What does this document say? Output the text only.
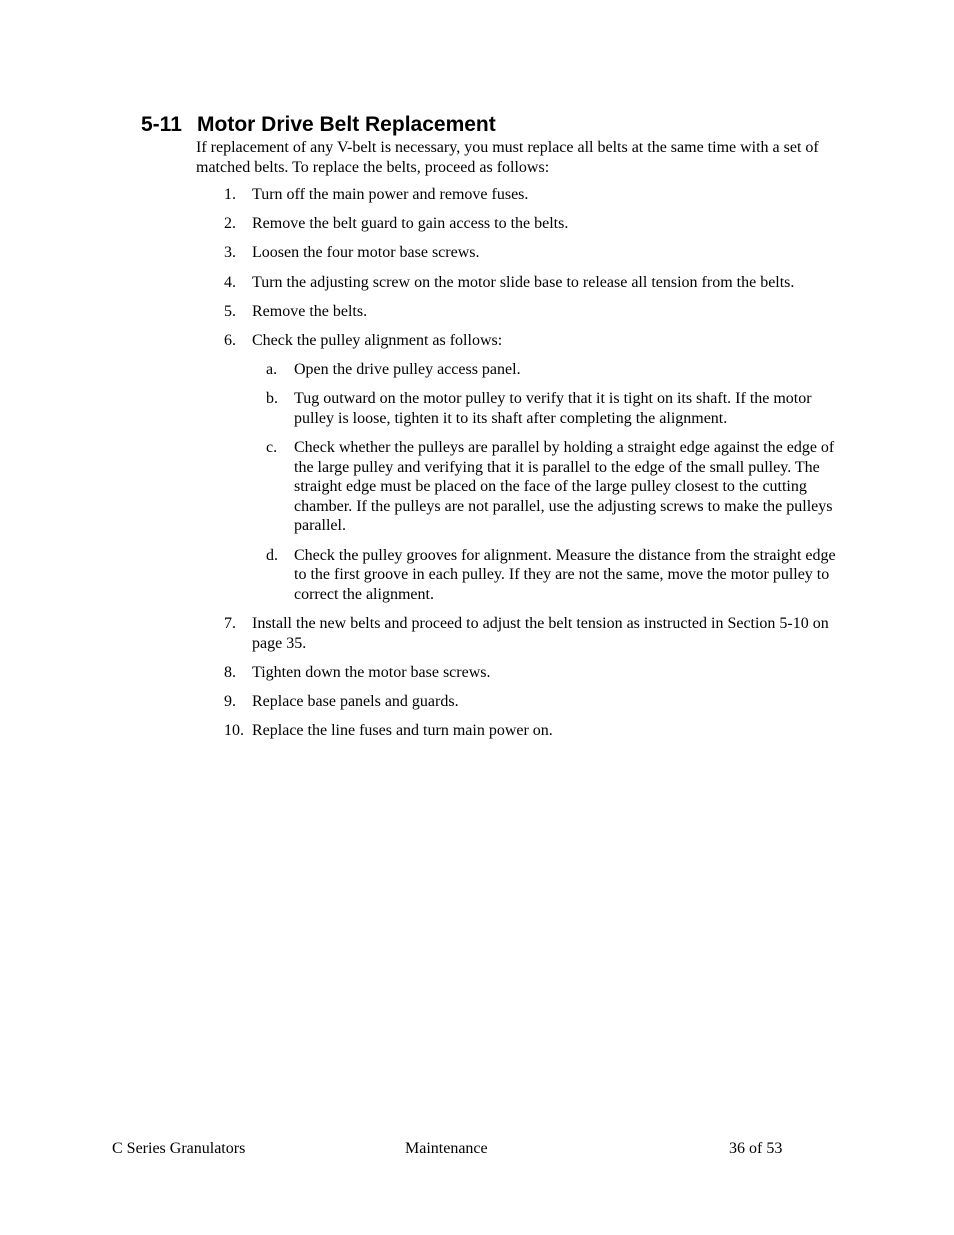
5-11 Motor Drive Belt Replacement

If replacement of any V-belt is necessary, you must replace all belts at the same time with a set of matched belts. To replace the belts, proceed as follows:

1. Turn off the main power and remove fuses.
2. Remove the belt guard to gain access to the belts.
3. Loosen the four motor base screws.
4. Turn the adjusting screw on the motor slide base to release all tension from the belts.
5. Remove the belts.
6. Check the pulley alignment as follows:
a. Open the drive pulley access panel.
b. Tug outward on the motor pulley to verify that it is tight on its shaft. If the motor pulley is loose, tighten it to its shaft after completing the alignment.
c. Check whether the pulleys are parallel by holding a straight edge against the edge of the large pulley and verifying that it is parallel to the edge of the small pulley. The straight edge must be placed on the face of the large pulley closest to the cutting chamber. If the pulleys are not parallel, use the adjusting screws to make the pulleys parallel.
d. Check the pulley grooves for alignment. Measure the distance from the straight edge to the first groove in each pulley. If they are not the same, move the motor pulley to correct the alignment.
7. Install the new belts and proceed to adjust the belt tension as instructed in Section 5-10 on page 35.
8. Tighten down the motor base screws.
9. Replace base panels and guards.
10. Replace the line fuses and turn main power on.
C Series Granulators	Maintenance	36 of 53
